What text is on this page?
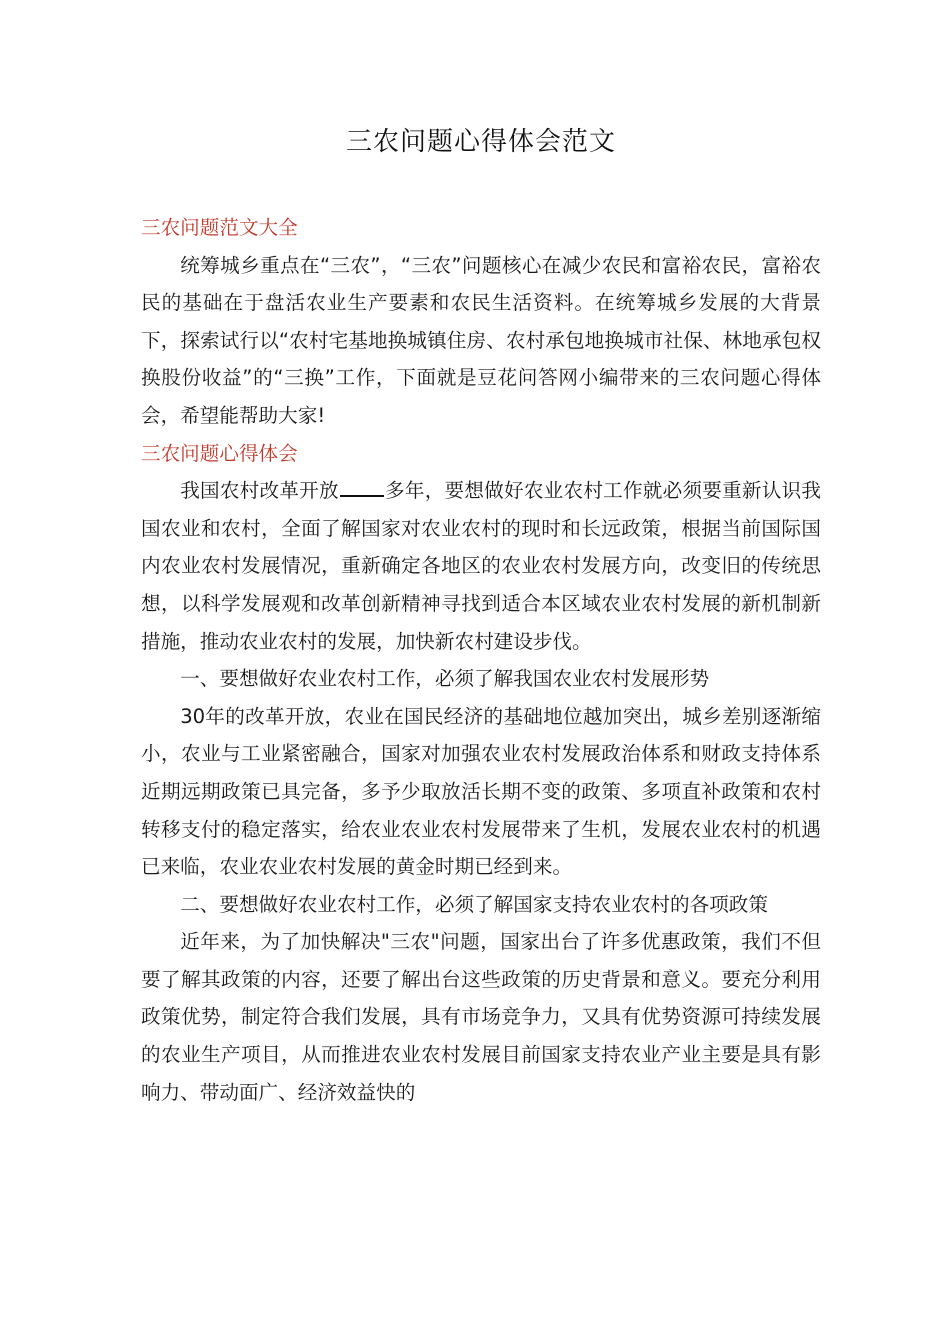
三农问题心得体会范文

三农问题范文大全

统筹城乡重点在“三农”，“三农”问题核心在减少农民和富裕农民，富裕农民的基础在于盘活农业生产要素和农民生活资料。在统筹城乡发展的大背景下，探索试行以“农村宅基地换城镇住房、农村承包地换城市社保、林地承包权换股份收益”的“三换”工作，下面就是豆花问答网小编带来的三农问题心得体会，希望能帮助大家!

三农问题心得体会

我国农村改革开放 多年，要想做好农业农村工作就必须要重新认识我国农业和农村，全面了解国家对农业农村的现时和长远政策，根据当前国际国内农业农村发展情况，重新确定各地区的农业农村发展方向，改变旧的传统思想，以科学发展观和改革创新精神寻找到适合本区域农业农村发展的新机制新措施，推动农业农村的发展，加快新农村建设步伐。

一、要想做好农业农村工作，必须了解我国农业农村发展形势

30年的改革开放，农业在国民经济的基础地位越加突出，城乡差别逐渐缩小，农业与工业紧密融合，国家对加强农业农村发展政治体系和财政支持体系近期远期政策已具完备，多予少取放活长期不变的政策、多项直补政策和农村转移支付的稳定落实，给农业农业农村发展带来了生机，发展农业农村的机遇已来临，农业农业农村发展的黄金时期已经到来。

二、要想做好农业农村工作，必须了解国家支持农业农村的各项政策

近年来，为了加快解决"三农"问题，国家出台了许多优惠政策，我们不但要了解其政策的内容，还要了解出台这些政策的历史背景和意义。要充分利用政策优势，制定符合我们发展，具有市场竞争力，又具有优势资源可持续发展的农业生产项目，从而推进农业农村发展目前国家支持农业产业主要是具有影响力、带动面广、经济效益快的
